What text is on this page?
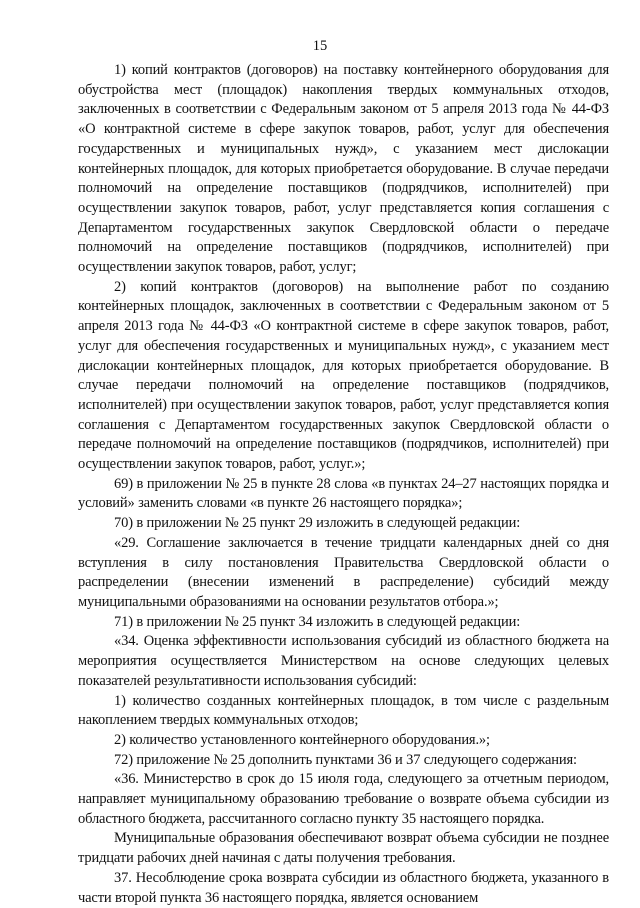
15

1) копий контрактов (договоров) на поставку контейнерного оборудования для обустройства мест (площадок) накопления твердых коммунальных отходов, заключенных в соответствии с Федеральным законом от 5 апреля 2013 года № 44-ФЗ «О контрактной системе в сфере закупок товаров, работ, услуг для обеспечения государственных и муниципальных нужд», с указанием мест дислокации контейнерных площадок, для которых приобретается оборудование. В случае передачи полномочий на определение поставщиков (подрядчиков, исполнителей) при осуществлении закупок товаров, работ, услуг представляется копия соглашения с Департаментом государственных закупок Свердловской области о передаче полномочий на определение поставщиков (подрядчиков, исполнителей) при осуществлении закупок товаров, работ, услуг;

2) копий контрактов (договоров) на выполнение работ по созданию контейнерных площадок, заключенных в соответствии с Федеральным законом от 5 апреля 2013 года № 44-ФЗ «О контрактной системе в сфере закупок товаров, работ, услуг для обеспечения государственных и муниципальных нужд», с указанием мест дислокации контейнерных площадок, для которых приобретается оборудование. В случае передачи полномочий на определение поставщиков (подрядчиков, исполнителей) при осуществлении закупок товаров, работ, услуг представляется копия соглашения с Департаментом государственных закупок Свердловской области о передаче полномочий на определение поставщиков (подрядчиков, исполнителей) при осуществлении закупок товаров, работ, услуг.»;

69) в приложении № 25 в пункте 28 слова «в пунктах 24–27 настоящих порядка и условий» заменить словами «в пункте 26 настоящего порядка»;

70) в приложении № 25 пункт 29 изложить в следующей редакции:

«29. Соглашение заключается в течение тридцати календарных дней со дня вступления в силу постановления Правительства Свердловской области о распределении (внесении изменений в распределение) субсидий между муниципальными образованиями на основании результатов отбора.»;

71) в приложении № 25 пункт 34 изложить в следующей редакции:

«34. Оценка эффективности использования субсидий из областного бюджета на мероприятия осуществляется Министерством на основе следующих целевых показателей результативности использования субсидий:

1) количество созданных контейнерных площадок, в том числе с раздельным накоплением твердых коммунальных отходов;

2) количество установленного контейнерного оборудования.»;

72) приложение № 25 дополнить пунктами 36 и 37 следующего содержания:

«36. Министерство в срок до 15 июля года, следующего за отчетным периодом, направляет муниципальному образованию требование о возврате объема субсидии из областного бюджета, рассчитанного согласно пункту 35 настоящего порядка.

Муниципальные образования обеспечивают возврат объема субсидии не позднее тридцати рабочих дней начиная с даты получения требования.

37. Несоблюдение срока возврата субсидии из областного бюджета, указанного в части второй пункта 36 настоящего порядка, является основанием
